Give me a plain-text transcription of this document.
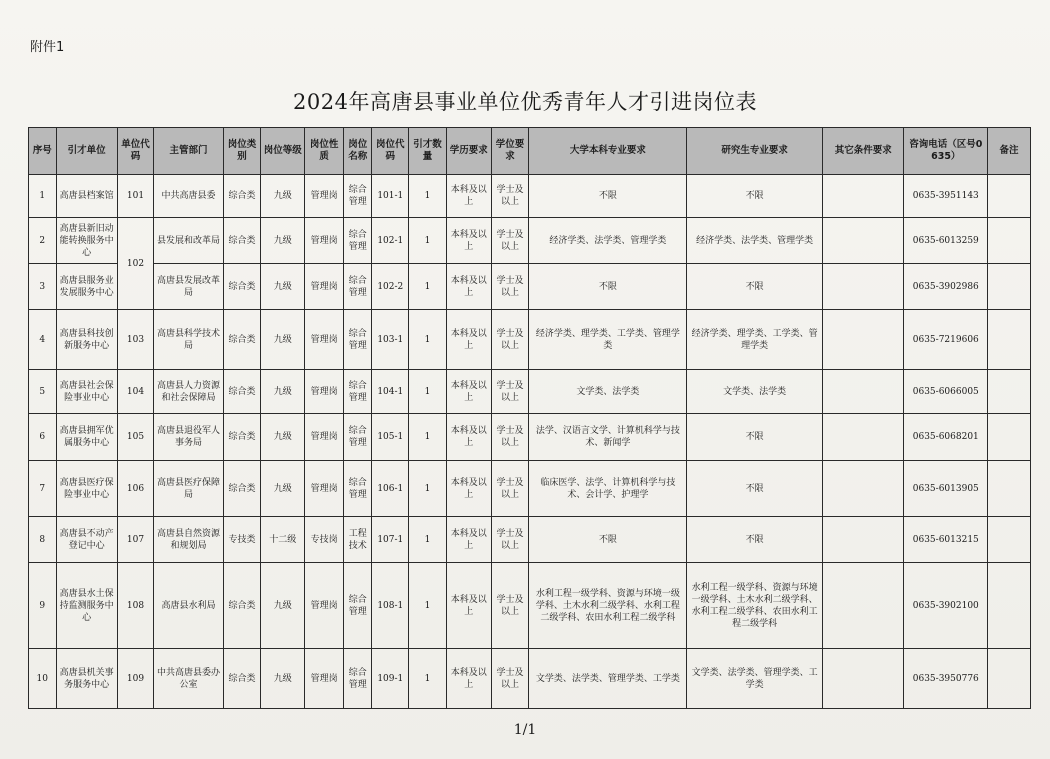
附件1
2024年高唐县事业单位优秀青年人才引进岗位表
序号	引才单位	单位代码	主管部门	岗位类别	岗位等级	岗位性质	岗位名称	岗位代码	引才数量	学历要求	学位要求	大学本科专业要求	研究生专业要求	其它条件要求	咨询电话（区号0635）	备注
1	高唐县档案馆	101	中共高唐县委	综合类	九级	管理岗	综合管理	101-1	1	本科及以上	学士及以上	不限	不限		0635-3951143	
2	高唐县新旧动能转换服务中心	102	县发展和改革局	综合类	九级	管理岗	综合管理	102-1	1	本科及以上	学士及以上	经济学类、法学类、管理学类	经济学类、法学类、管理学类		0635-6013259	
3	高唐县服务业发展服务中心		高唐县发展改革局	综合类	九级	管理岗	综合管理	102-2	1	本科及以上	学士及以上	不限	不限		0635-3902986	
4	高唐县科技创新服务中心	103	高唐县科学技术局	综合类	九级	管理岗	综合管理	103-1	1	本科及以上	学士及以上	经济学类、理学类、工学类、管理学类	经济学类、理学类、工学类、管理学类		0635-7219606	
5	高唐县社会保险事业中心	104	高唐县人力资源和社会保障局	综合类	九级	管理岗	综合管理	104-1	1	本科及以上	学士及以上	文学类、法学类	文学类、法学类		0635-6066005	
6	高唐县拥军优属服务中心	105	高唐县退役军人事务局	综合类	九级	管理岗	综合管理	105-1	1	本科及以上	学士及以上	法学、汉语言文学、计算机科学与技术、新闻学	不限		0635-6068201	
7	高唐县医疗保险事业中心	106	高唐县医疗保障局	综合类	九级	管理岗	综合管理	106-1	1	本科及以上	学士及以上	临床医学、法学、计算机科学与技术、会计学、护理学	不限		0635-6013905	
8	高唐县不动产登记中心	107	高唐县自然资源和规划局	专技类	十二级	专技岗	工程技术	107-1	1	本科及以上	学士及以上	不限	不限		0635-6013215	
9	高唐县水土保持监测服务中心	108	高唐县水利局	综合类	九级	管理岗	综合管理	108-1	1	本科及以上	学士及以上	水利工程一级学科、资源与环境一级学科、土木水利二级学科、水利工程二级学科、农田水利工程二级学科	水利工程一级学科、资源与环境一级学科、土木水利二级学科、水利工程二级学科、农田水利工程二级学科		0635-3902100	
10	高唐县机关事务服务中心	109	中共高唐县委办公室	综合类	九级	管理岗	综合管理	109-1	1	本科及以上	学士及以上	文学类、法学类、管理学类、工学类	文学类、法学类、管理学类、工学类		0635-3950776	
1/1
